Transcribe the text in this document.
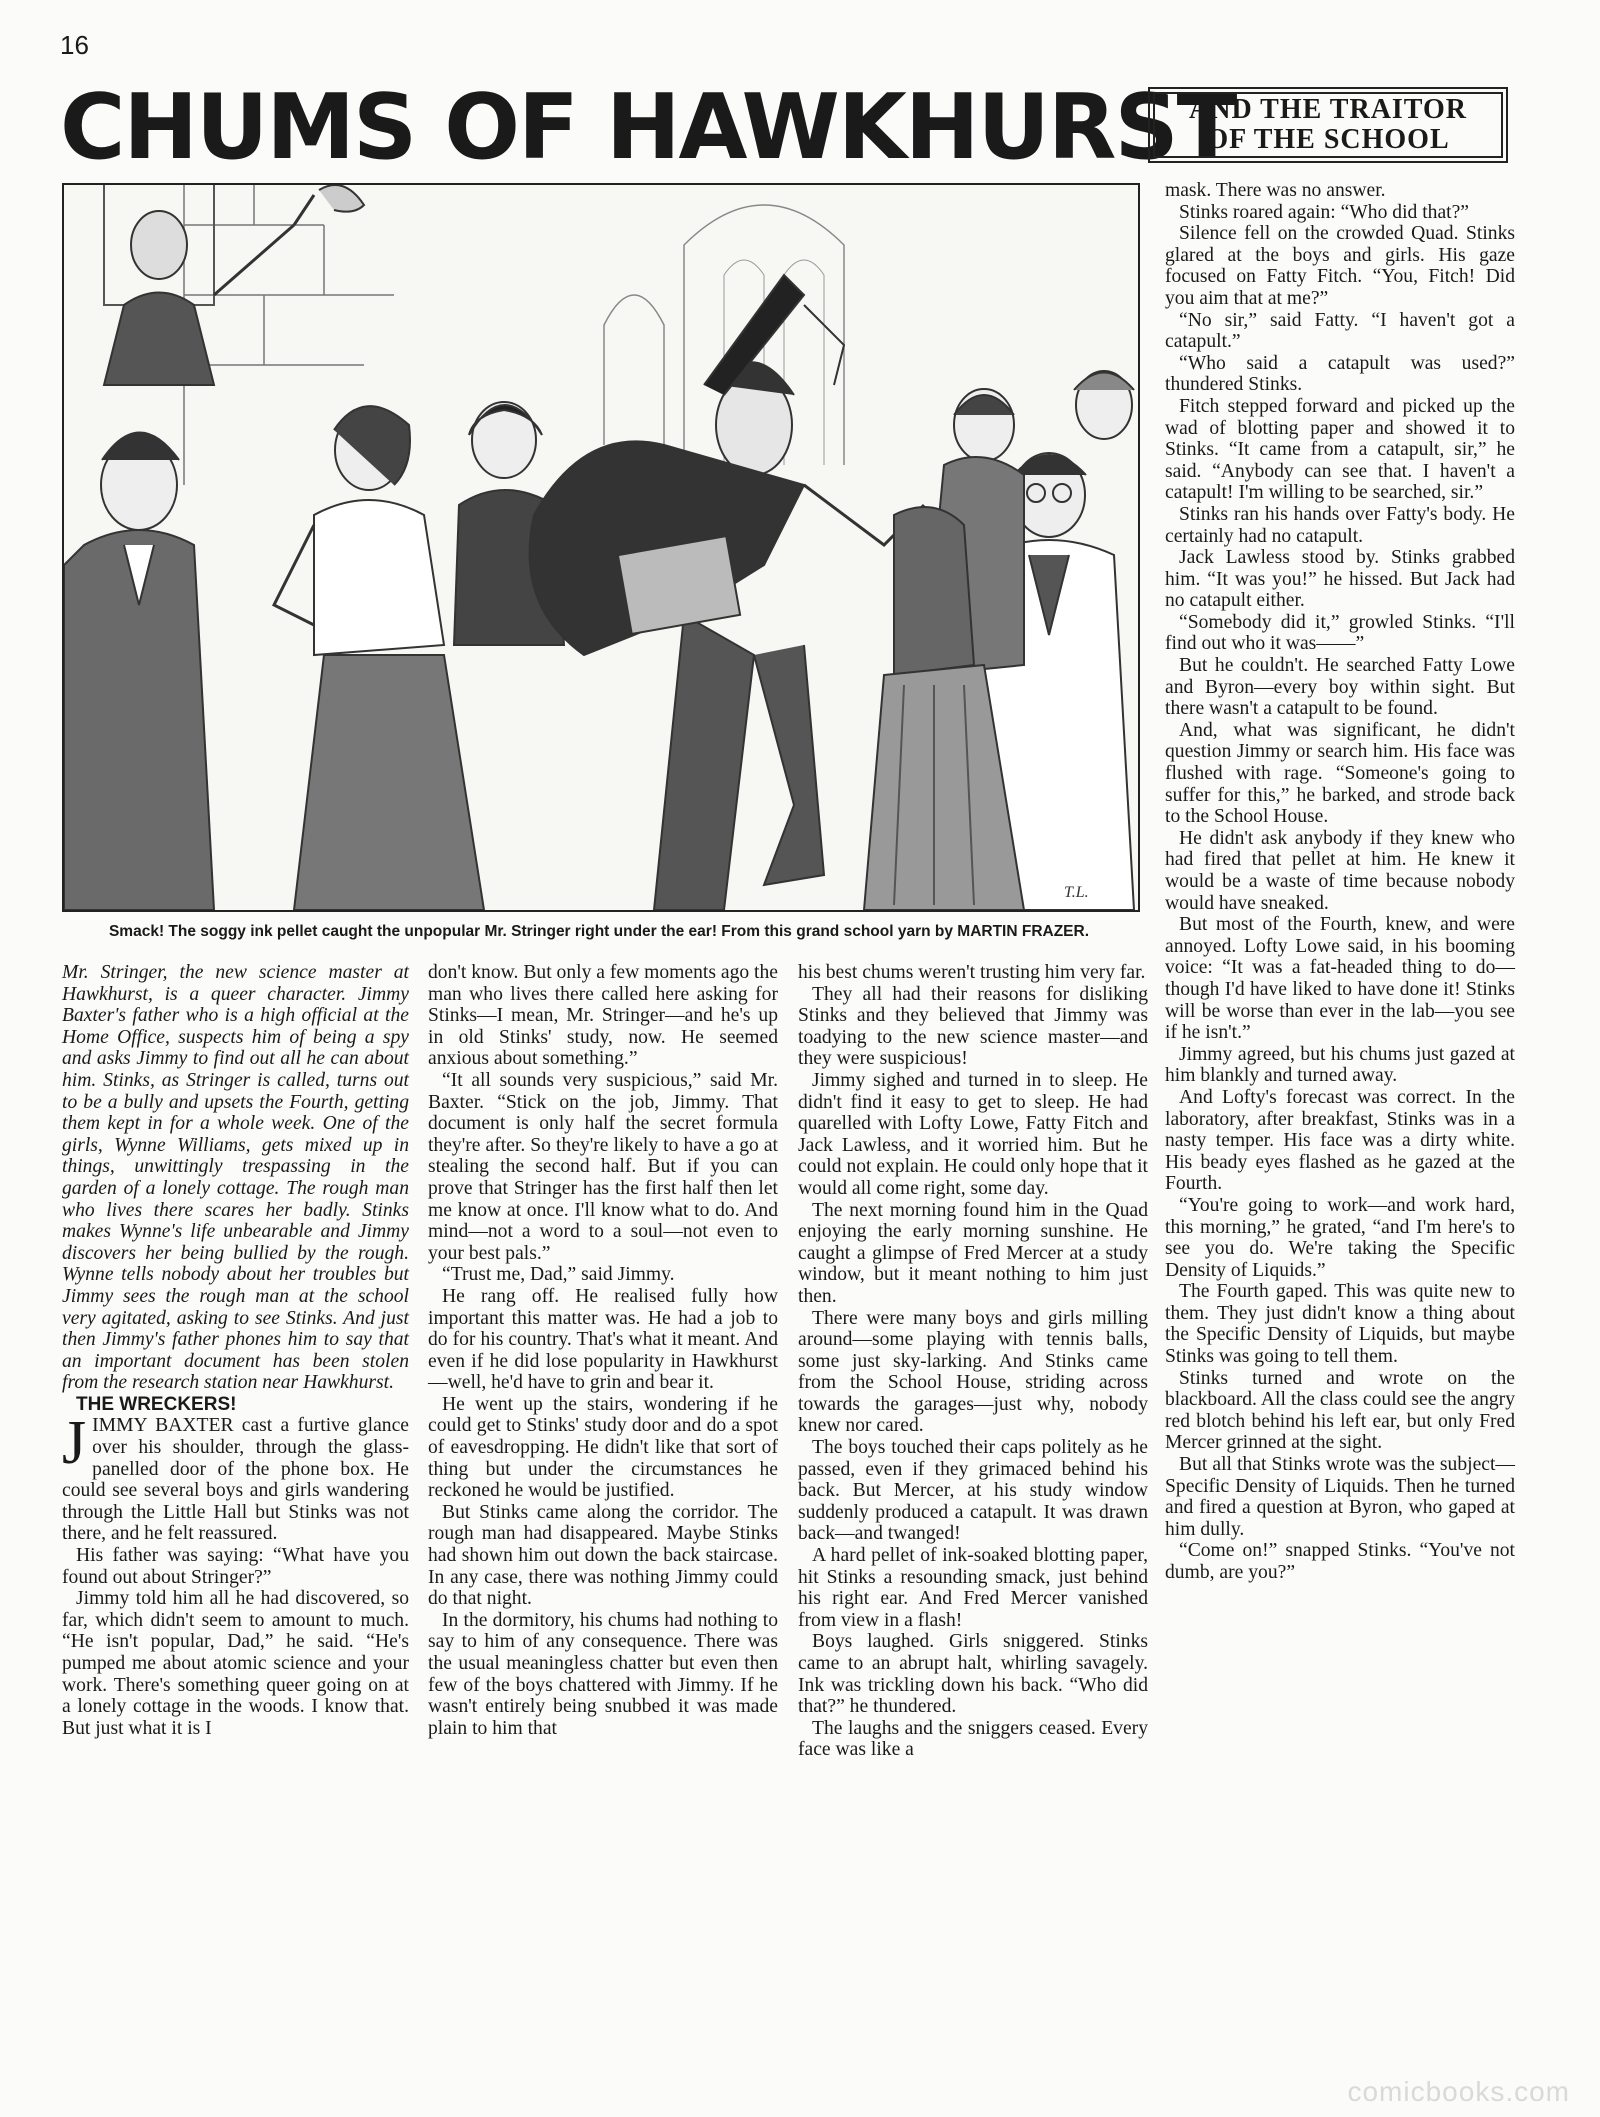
16
CHUMS OF HAWKHURST
AND THE TRAITOR
OF THE SCHOOL
T.L.
Smack! The soggy ink pellet caught the unpopular Mr. Stringer right under the ear! From this grand school yarn by MARTIN FRAZER.

Mr. Stringer, the new science master at Hawkhurst, is a queer character. Jimmy Baxter's father who is a high official at the Home Office, suspects him of being a spy and asks Jimmy to find out all he can about him. Stinks, as Stringer is called, turns out to be a bully and upsets the Fourth, getting them kept in for a whole week. One of the girls, Wynne Williams, gets mixed up in things, unwittingly trespassing in the garden of a lonely cottage. The rough man who lives there scares her badly. Stinks makes Wynne's life unbearable and Jimmy discovers her being bullied by the rough. Wynne tells nobody about her troubles but Jimmy sees the rough man at the school very agitated, asking to see Stinks. And just then Jimmy's father phones him to say that an important document has been stolen from the research station near Hawkhurst.

THE WRECKERS!

JIMMY BAXTER cast a furtive glance over his shoulder, through the glass-panelled door of the phone box. He could see several boys and girls wandering through the Little Hall but Stinks was not there, and he felt reassured.

His father was saying: “What have you found out about Stringer?”

Jimmy told him all he had discovered, so far, which didn't seem to amount to much. “He isn't popular, Dad,” he said. “He's pumped me about atomic science and your work. There's something queer going on at a lonely cottage in the woods. I know that. But just what it is I

don't know. But only a few moments ago the man who lives there called here asking for Stinks—I mean, Mr. Stringer—and he's up in old Stinks' study, now. He seemed anxious about something.”

“It all sounds very suspicious,” said Mr. Baxter. “Stick on the job, Jimmy. That document is only half the secret formula they're after. So they're likely to have a go at stealing the second half. But if you can prove that Stringer has the first half then let me know at once. I'll know what to do. And mind—not a word to a soul—not even to your best pals.”

“Trust me, Dad,” said Jimmy.

He rang off. He realised fully how important this matter was. He had a job to do for his country. That's what it meant. And even if he did lose popularity in Hawkhurst—well, he'd have to grin and bear it.

He went up the stairs, wondering if he could get to Stinks' study door and do a spot of eavesdropping. He didn't like that sort of thing but under the circumstances he reckoned he would be justified.

But Stinks came along the corridor. The rough man had disappeared. Maybe Stinks had shown him out down the back staircase. In any case, there was nothing Jimmy could do that night.

In the dormitory, his chums had nothing to say to him of any consequence. There was the usual meaningless chatter but even then few of the boys chattered with Jimmy. If he wasn't entirely being snubbed it was made plain to him that

his best chums weren't trusting him very far.

They all had their reasons for disliking Stinks and they believed that Jimmy was toadying to the new science master—and they were suspicious!

Jimmy sighed and turned in to sleep. He didn't find it easy to get to sleep. He had quarelled with Lofty Lowe, Fatty Fitch and Jack Lawless, and it worried him. But he could not explain. He could only hope that it would all come right, some day.

The next morning found him in the Quad enjoying the early morning sunshine. He caught a glimpse of Fred Mercer at a study window, but it meant nothing to him just then.

There were many boys and girls milling around—some playing with tennis balls, some just sky-larking. And Stinks came from the School House, striding across towards the garages—just why, nobody knew nor cared.

The boys touched their caps politely as he passed, even if they grimaced behind his back. But Mercer, at his study window suddenly produced a catapult. It was drawn back—and twanged!

A hard pellet of ink-soaked blotting paper, hit Stinks a resounding smack, just behind his right ear. And Fred Mercer vanished from view in a flash!

Boys laughed. Girls sniggered. Stinks came to an abrupt halt, whirling savagely. Ink was trickling down his back. “Who did that?” he thundered.

The laughs and the sniggers ceased. Every face was like a

mask. There was no answer.

Stinks roared again: “Who did that?”

Silence fell on the crowded Quad. Stinks glared at the boys and girls. His gaze focused on Fatty Fitch. “You, Fitch! Did you aim that at me?”

“No sir,” said Fatty. “I haven't got a catapult.”

“Who said a catapult was used?” thundered Stinks.

Fitch stepped forward and picked up the wad of blotting paper and showed it to Stinks. “It came from a catapult, sir,” he said. “Anybody can see that. I haven't a catapult! I'm willing to be searched, sir.”

Stinks ran his hands over Fatty's body. He certainly had no catapult.

Jack Lawless stood by. Stinks grabbed him. “It was you!” he hissed. But Jack had no catapult either.

“Somebody did it,” growled Stinks. “I'll find out who it was——”

But he couldn't. He searched Fatty Lowe and Byron—every boy within sight. But there wasn't a catapult to be found.

And, what was significant, he didn't question Jimmy or search him. His face was flushed with rage. “Someone's going to suffer for this,” he barked, and strode back to the School House.

He didn't ask anybody if they knew who had fired that pellet at him. He knew it would be a waste of time because nobody would have sneaked.

But most of the Fourth, knew, and were annoyed. Lofty Lowe said, in his booming voice: “It was a fat-headed thing to do—though I'd have liked to have done it! Stinks will be worse than ever in the lab—you see if he isn't.”

Jimmy agreed, but his chums just gazed at him blankly and turned away.

And Lofty's forecast was correct. In the laboratory, after breakfast, Stinks was in a nasty temper. His face was a dirty white. His beady eyes flashed as he gazed at the Fourth.

“You're going to work—and work hard, this morning,” he grated, “and I'm here's to see you do. We're taking the Specific Density of Liquids.”

The Fourth gaped. This was quite new to them. They just didn't know a thing about the Specific Density of Liquids, but maybe Stinks was going to tell them.

Stinks turned and wrote on the blackboard. All the class could see the angry red blotch behind his left ear, but only Fred Mercer grinned at the sight.

But all that Stinks wrote was the subject—Specific Density of Liquids. Then he turned and fired a question at Byron, who gaped at him dully.

“Come on!” snapped Stinks. “You've not dumb, are you?”

comicbooks.com
